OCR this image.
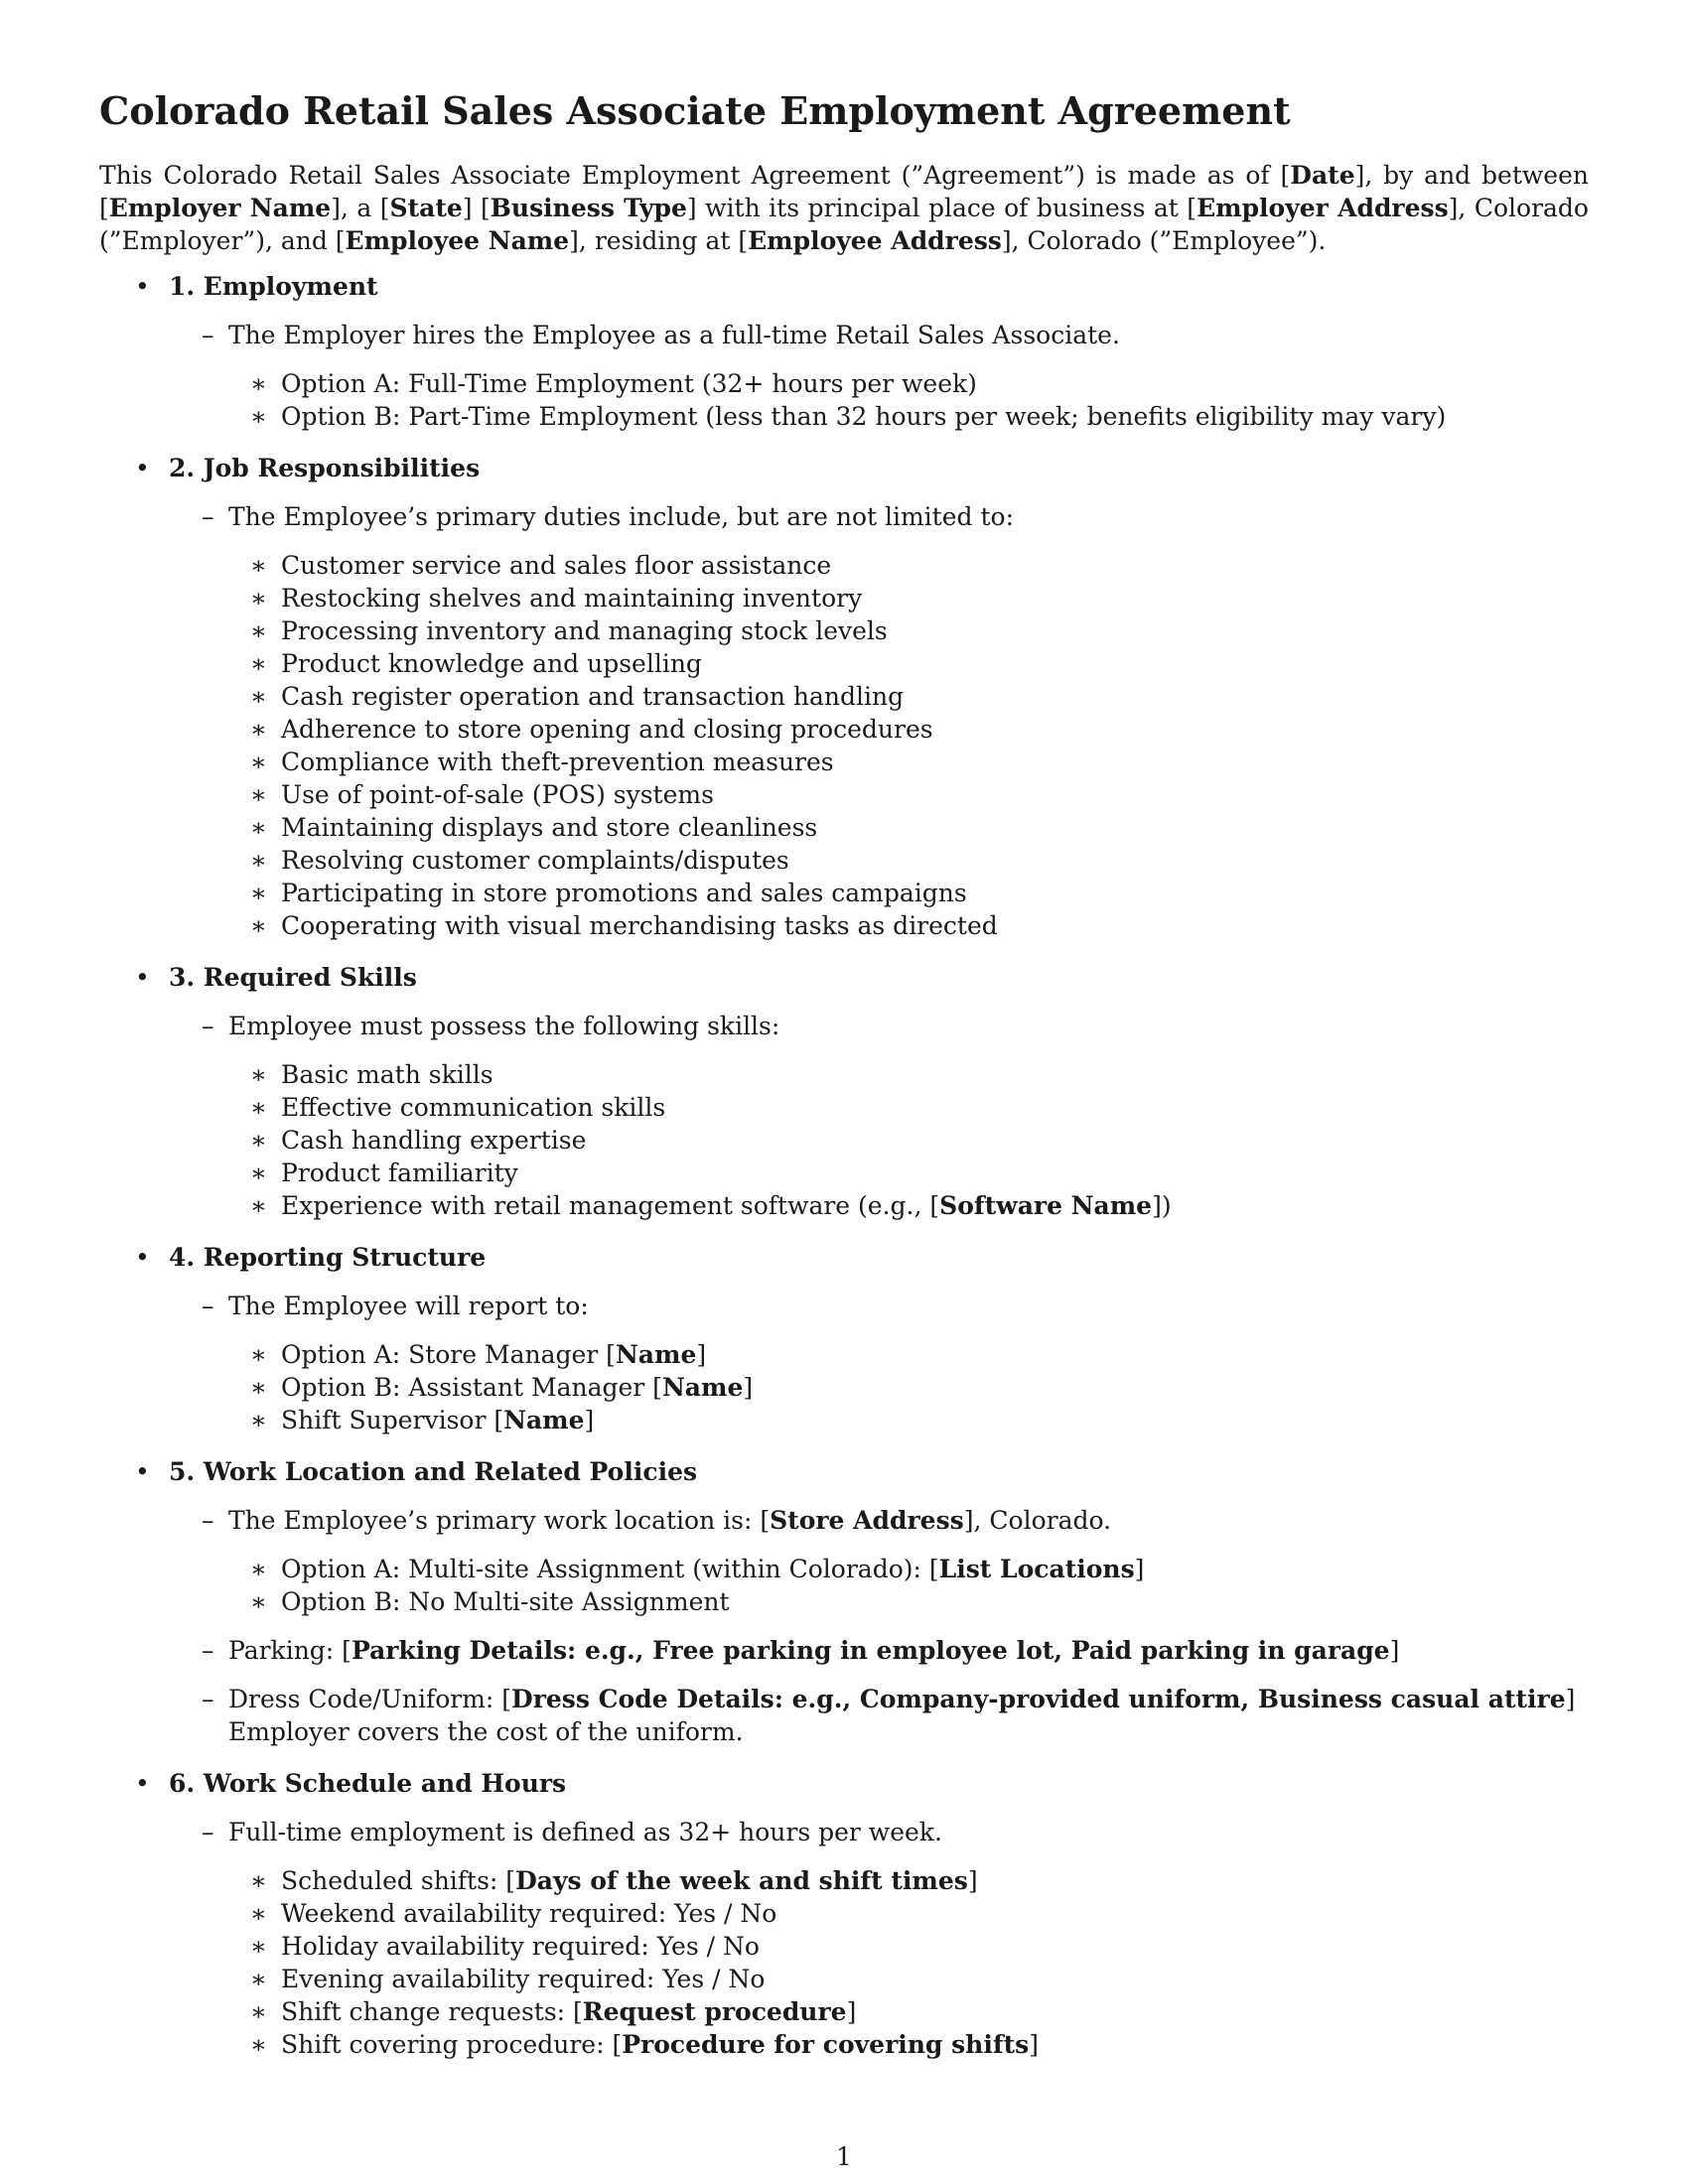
Colorado Retail Sales Associate Employment Agreement

This Colorado Retail Sales Associate Employment Agreement (”Agreement”) is made as of [Date], by and between [Employer Name], a [State] [Business Type] with its principal place of business at [Employer Address], Colorado (”Employer”), and [Employee Name], residing at [Employee Address], Colorado (”Employee”).

• 1. Employment
– The Employer hires the Employee as a full-time Retail Sales Associate.
∗ Option A: Full-Time Employment (32+ hours per week)
∗ Option B: Part-Time Employment (less than 32 hours per week; benefits eligibility may vary)
• 2. Job Responsibilities
– The Employee’s primary duties include, but are not limited to:
∗ Customer service and sales floor assistance
∗ Restocking shelves and maintaining inventory
∗ Processing inventory and managing stock levels
∗ Product knowledge and upselling
∗ Cash register operation and transaction handling
∗ Adherence to store opening and closing procedures
∗ Compliance with theft-prevention measures
∗ Use of point-of-sale (POS) systems
∗ Maintaining displays and store cleanliness
∗ Resolving customer complaints/disputes
∗ Participating in store promotions and sales campaigns
∗ Cooperating with visual merchandising tasks as directed
• 3. Required Skills
– Employee must possess the following skills:
∗ Basic math skills
∗ Effective communication skills
∗ Cash handling expertise
∗ Product familiarity
∗ Experience with retail management software (e.g., [Software Name])
• 4. Reporting Structure
– The Employee will report to:
∗ Option A: Store Manager [Name]
∗ Option B: Assistant Manager [Name]
∗ Shift Supervisor [Name]
• 5. Work Location and Related Policies
– The Employee’s primary work location is: [Store Address], Colorado.
∗ Option A: Multi-site Assignment (within Colorado): [List Locations]
∗ Option B: No Multi-site Assignment
– Parking: [Parking Details: e.g., Free parking in employee lot, Paid parking in garage]
– Dress Code/Uniform: [Dress Code Details: e.g., Company-provided uniform, Business casual attire]
Employer covers the cost of the uniform.
• 6. Work Schedule and Hours
– Full-time employment is defined as 32+ hours per week.
∗ Scheduled shifts: [Days of the week and shift times]
∗ Weekend availability required: Yes / No
∗ Holiday availability required: Yes / No
∗ Evening availability required: Yes / No
∗ Shift change requests: [Request procedure]
∗ Shift covering procedure: [Procedure for covering shifts]
1
